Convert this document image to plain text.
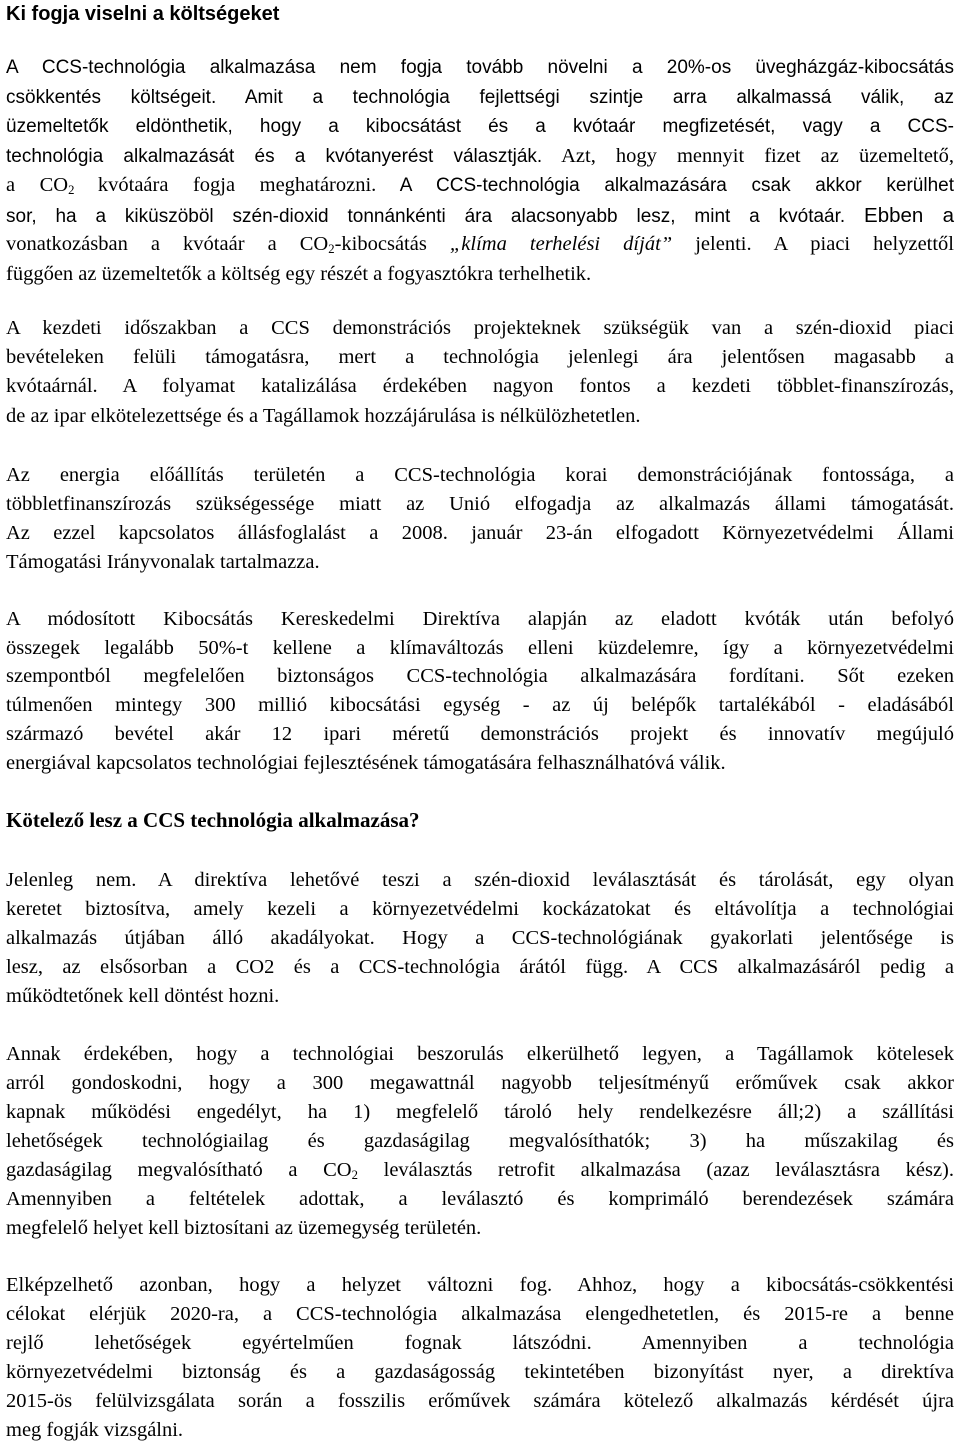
Ki fogja viselni a költségeket
A CCS-technológia alkalmazása nem fogja tovább növelni a 20%-os üvegházgáz-kibocsátás
csökkentés költségeit. Amit a technológia fejlettségi szintje arra alkalmassá válik, az
üzemeltetők eldönthetik, hogy a kibocsátást és a kvótaár megfizetését, vagy a CCS-
technológia alkalmazását és a kvótanyerést választják. Azt, hogy mennyit fizet az üzemeltető,
a $CO_2$ kvótaára fogja meghatározni. A CCS-technológia alkalmazására csak akkor kerülhet
sor, ha a kiküszöböl szén-dioxid tonnánkénti ára alacsonyabb lesz, mint a kvótaár. Ebben a
vonatkozásban a kvótaár a $CO_2$-kibocsátás „klíma terhelési díját” jelenti. A piaci helyzettől
függően az üzemeltetők a költség egy részét a fogyasztókra terhelhetik.
A kezdeti időszakban a CCS demonstrációs projekteknek szükségük van a szén-dioxid piaci
bevételeken felüli támogatásra, mert a technológia jelenlegi ára jelentősen magasabb a
kvótaárnál. A folyamat katalizálása érdekében nagyon fontos a kezdeti többlet-finanszírozás,
de az ipar elkötelezettsége és a Tagállamok hozzájárulása is nélkülözhetetlen.
Az energia előállítás területén a CCS-technológia korai demonstrációjának fontossága, a
többletfinanszírozás szükségessége miatt az Unió elfogadja az alkalmazás állami támogatását.
Az ezzel kapcsolatos állásfoglalást a 2008. január 23-án elfogadott Környezetvédelmi Állami
Támogatási Irányvonalak tartalmazza.
A módosított Kibocsátás Kereskedelmi Direktíva alapján az eladott kvóták után befolyó
összegek legalább 50%-t kellene a klímaváltozás elleni küzdelemre, így a környezetvédelmi
szempontból megfelelően biztonságos CCS-technológia alkalmazására fordítani. Sőt ezeken
túlmenően mintegy 300 millió kibocsátási egység - az új belépők tartalékából - eladásából
származó bevétel akár 12 ipari méretű demonstrációs projekt és innovatív megújuló
energiával kapcsolatos technológiai fejlesztésének támogatására felhasználhatóvá válik.
Kötelező lesz a CCS technológia alkalmazása?
Jelenleg nem. A direktíva lehetővé teszi a szén-dioxid leválasztását és tárolását, egy olyan
keretet biztosítva, amely kezeli a környezetvédelmi kockázatokat és eltávolítja a technológiai
alkalmazás útjában álló akadályokat. Hogy a CCS-technológiának gyakorlati jelentősége is
lesz, az elsősorban a CO2 és a CCS-technológia árától függ. A CCS alkalmazásáról pedig a
működtetőnek kell döntést hozni.
Annak érdekében, hogy a technológiai beszorulás elkerülhető legyen, a Tagállamok kötelesek
arról gondoskodni, hogy a 300 megawattnál nagyobb teljesítményű erőművek csak akkor
kapnak működési engedélyt, ha 1) megfelelő tároló hely rendelkezésre áll;2) a szállítási
lehetőségek technológiailag és gazdaságilag megvalósíthatók; 3) ha műszakilag és
gazdaságilag megvalósítható a $CO_2$ leválasztás retrofit alkalmazása (azaz leválasztásra kész).
Amennyiben a feltételek adottak, a leválasztó és komprimáló berendezések számára
megfelelő helyet kell biztosítani az üzemegység területén.
Elképzelhető azonban, hogy a helyzet változni fog. Ahhoz, hogy a kibocsátás-csökkentési
célokat elérjük 2020-ra, a CCS-technológia alkalmazása elengedhetetlen, és 2015-re a benne
rejlő lehetőségek egyértelműen fognak látszódni. Amennyiben a technológia
környezetvédelmi biztonság és a gazdaságosság tekintetében bizonyítást nyer, a direktíva
2015-ös felülvizsgálata során a fosszilis erőművek számára kötelező alkalmazás kérdését újra
meg fogják vizsgálni.
